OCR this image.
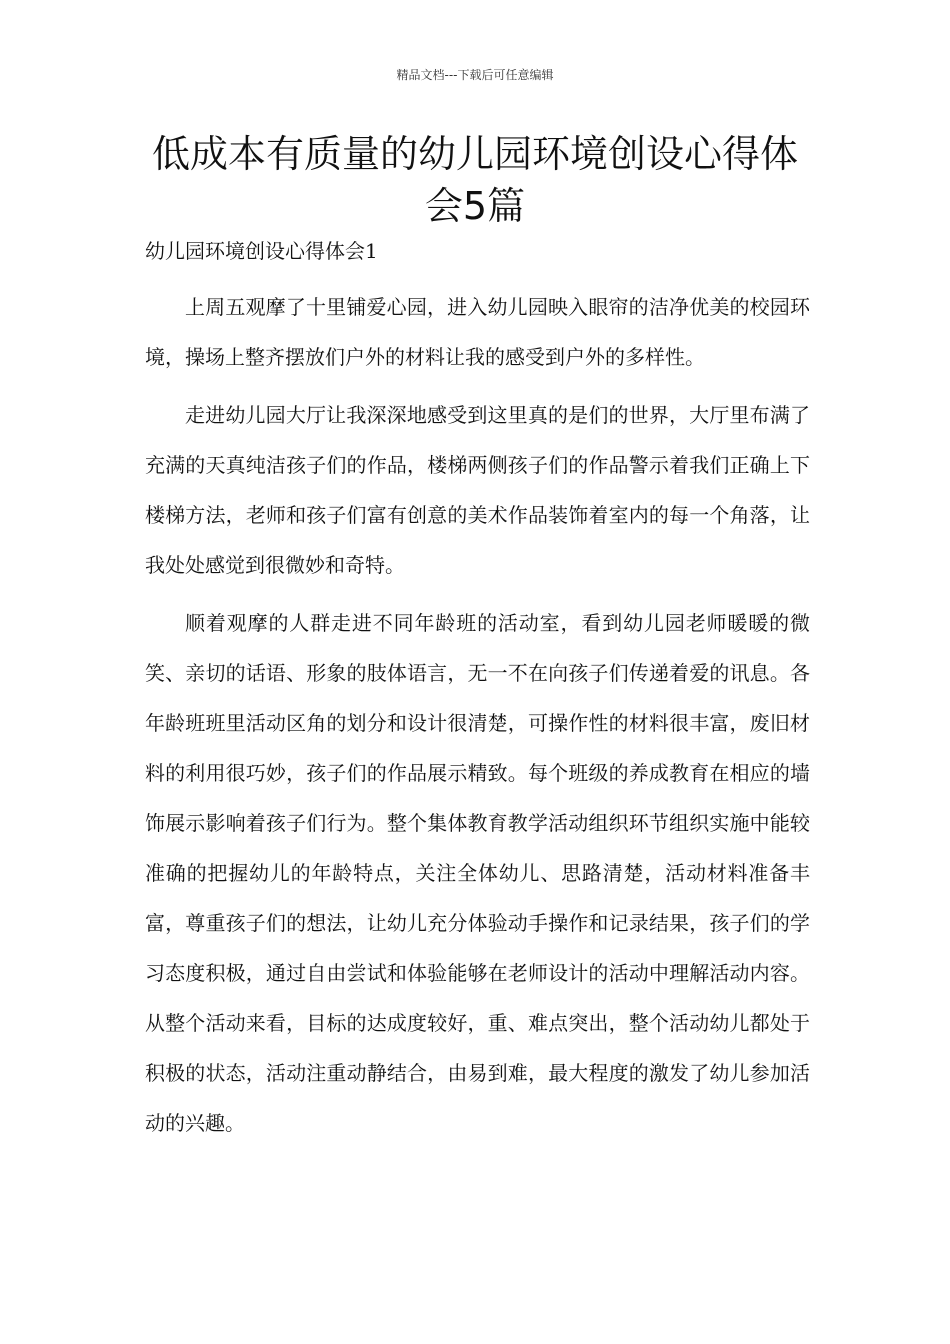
精品文档---下载后可任意编辑
低成本有质量的幼儿园环境创设心得体会5篇
幼儿园环境创设心得体会1

上周五观摩了十里铺爱心园，进入幼儿园映入眼帘的洁净优美的校园环境，操场上整齐摆放们户外的材料让我的感受到户外的多样性。

走进幼儿园大厅让我深深地感受到这里真的是们的世界，大厅里布满了充满的天真纯洁孩子们的作品，楼梯两侧孩子们的作品警示着我们正确上下楼梯方法，老师和孩子们富有创意的美术作品装饰着室内的每一个角落，让我处处感觉到很微妙和奇特。

顺着观摩的人群走进不同年龄班的活动室，看到幼儿园老师暖暖的微笑、亲切的话语、形象的肢体语言，无一不在向孩子们传递着爱的讯息。各年龄班班里活动区角的划分和设计很清楚，可操作性的材料很丰富，废旧材料的利用很巧妙，孩子们的作品展示精致。每个班级的养成教育在相应的墙饰展示影响着孩子们行为。整个集体教育教学活动组织环节组织实施中能较准确的把握幼儿的年龄特点，关注全体幼儿、思路清楚，活动材料准备丰富，尊重孩子们的想法，让幼儿充分体验动手操作和记录结果，孩子们的学习态度积极，通过自由尝试和体验能够在老师设计的活动中理解活动内容。从整个活动来看，目标的达成度较好，重、难点突出，整个活动幼儿都处于积极的状态，活动注重动静结合，由易到难，最大程度的激发了幼儿参加活动的兴趣。
